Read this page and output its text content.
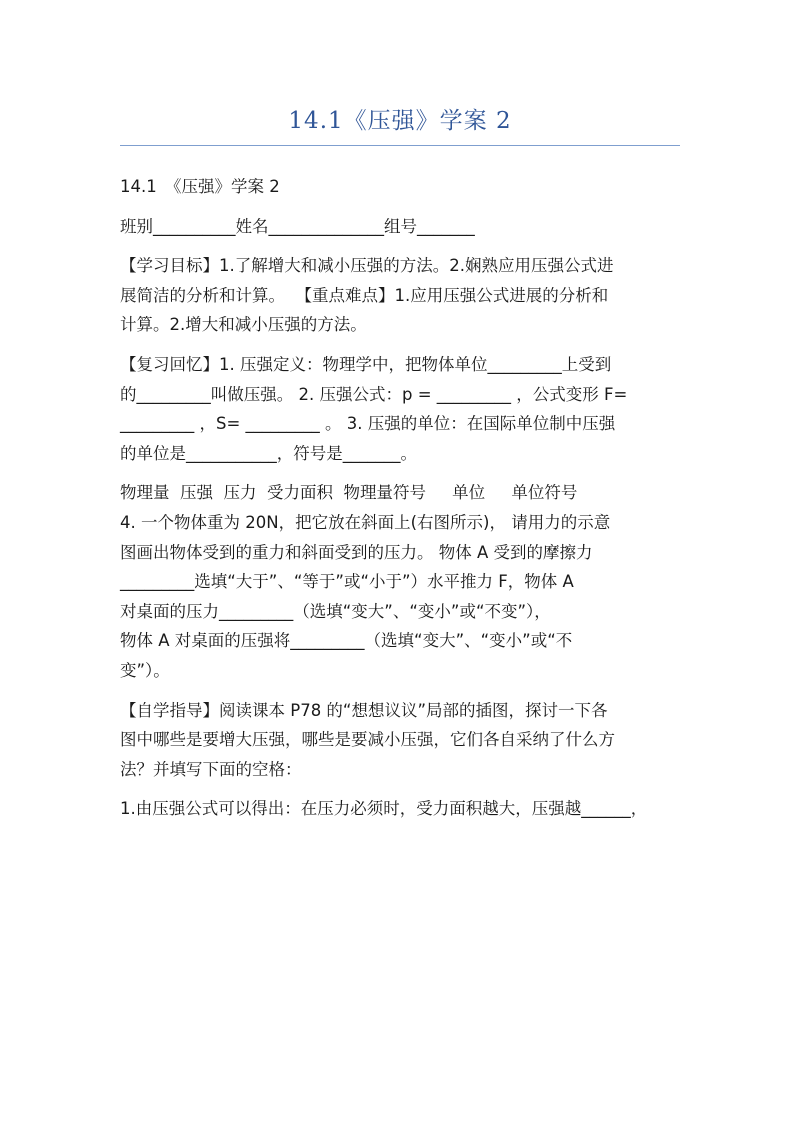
14.1《压强》学案 2

14.1　《压强》学案 2

班别__________姓名______________组号_______

【学习目标】1.了解增大和减小压强的方法。2.娴熟应用压强公式进
展简洁的分析和计算。  【重点难点】1.应用压强公式进展的分析和
计算。2.增大和减小压强的方法。

【复习回忆】1. 压强定义：物理学中，把物体单位_________上受到
的_________叫做压强。 2. 压强公式：p = _________ ，公式变形 F=
_________ ，S= _________ 。 3. 压强的单位：在国际单位制中压强
的单位是___________，符号是_______。

物理量  压强  压力  受力面积  物理量符号     单位     单位符号

4. 一个物体重为 20N，把它放在斜面上(右图所示)， 请用力的示意
图画出物体受到的重力和斜面受到的压力。 物体 A 受到的摩擦力
_________选填“大于”、“等于”或“小于”）水平推力 F，物体 A
对桌面的压力_________（选填“变大”、“变小”或“不变”），
物体 A 对桌面的压强将_________（选填“变大”、“变小”或“不
变”）。

【自学指导】阅读课本 P78 的“想想议议”局部的插图，探讨一下各
图中哪些是要增大压强，哪些是要减小压强，它们各自采纳了什么方
法？并填写下面的空格：

1.由压强公式可以得出：在压力必须时，受力面积越大，压强越______，
